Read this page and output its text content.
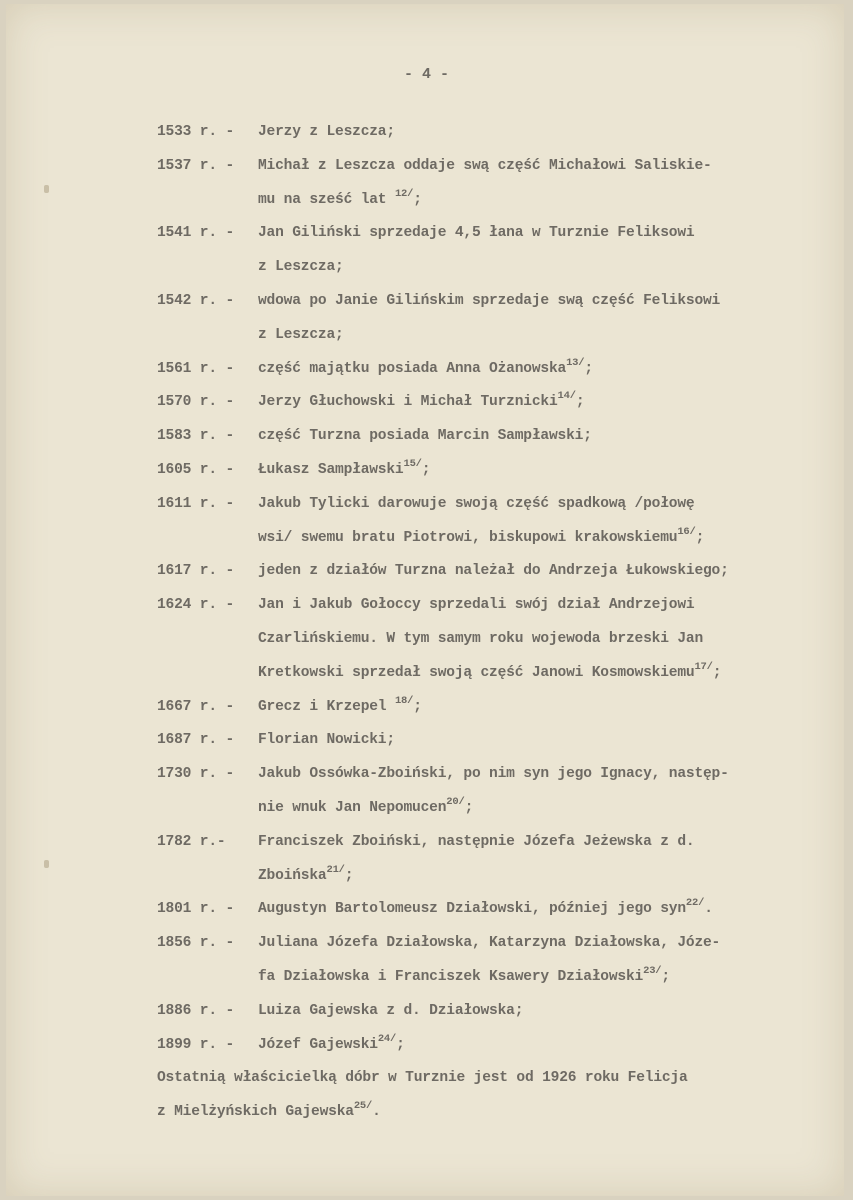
- 4 -
1533 r. -	Jerzy z Leszcza;
1537 r. -	Michał z Leszcza oddaje swą część Michałowi Saliskie-
mu na sześć lat $^{12/}$;
1541 r. -	Jan Giliński sprzedaje 4,5 łana w Turznie Feliksowi
z Leszcza;
1542 r. -	wdowa po Janie Gilińskim sprzedaje swą część Feliksowi
z Leszcza;
1561 r. -	część majątku posiada Anna Ożanowska$^{13/}$;
1570 r. -	Jerzy Głuchowski i Michał Turznicki$^{14/}$;
1583 r. -	część Turzna posiada Marcin Sampławski;
1605 r. -	Łukasz Sampławski$^{15/}$;
1611 r. -	Jakub Tylicki darowuje swoją część spadkową /połowę
wsi/ swemu bratu Piotrowi, biskupowi krakowskiemu$^{16/}$;
1617 r. -	jeden z działów Turzna należał do Andrzeja Łukowskiego;
1624 r. -	Jan i Jakub Gołoccy sprzedali swój dział Andrzejowi
Czarlińskiemu. W tym samym roku wojewoda brzeski Jan
Kretkowski sprzedał swoją część Janowi Kosmowskiemu$^{17/}$;
1667 r. -	Grecz i Krzepel $^{18/}$;
1687 r. -	Florian Nowicki;
1730 r. -	Jakub Ossówka-Zboiński, po nim syn jego Ignacy, następ-
nie wnuk Jan Nepomucen$^{20/}$;
1782 r.-	Franciszek Zboiński, następnie Józefa Jeżewska z d.
Zboińska$^{21/}$;
1801 r. -	Augustyn Bartolomeusz Działowski, później jego syn$^{22/}$.
1856 r. -	Juliana Józefa Działowska, Katarzyna Działowska, Józe-
fa Działowska i Franciszek Ksawery Działowski$^{23/}$;
1886 r. -	Luiza Gajewska z d. Działowska;
1899 r. -	Józef Gajewski$^{24/}$;
Ostatnią właścicielką dóbr w Turznie jest od 1926 roku Felicja
z Mielżyńskich Gajewska$^{25/}$.
